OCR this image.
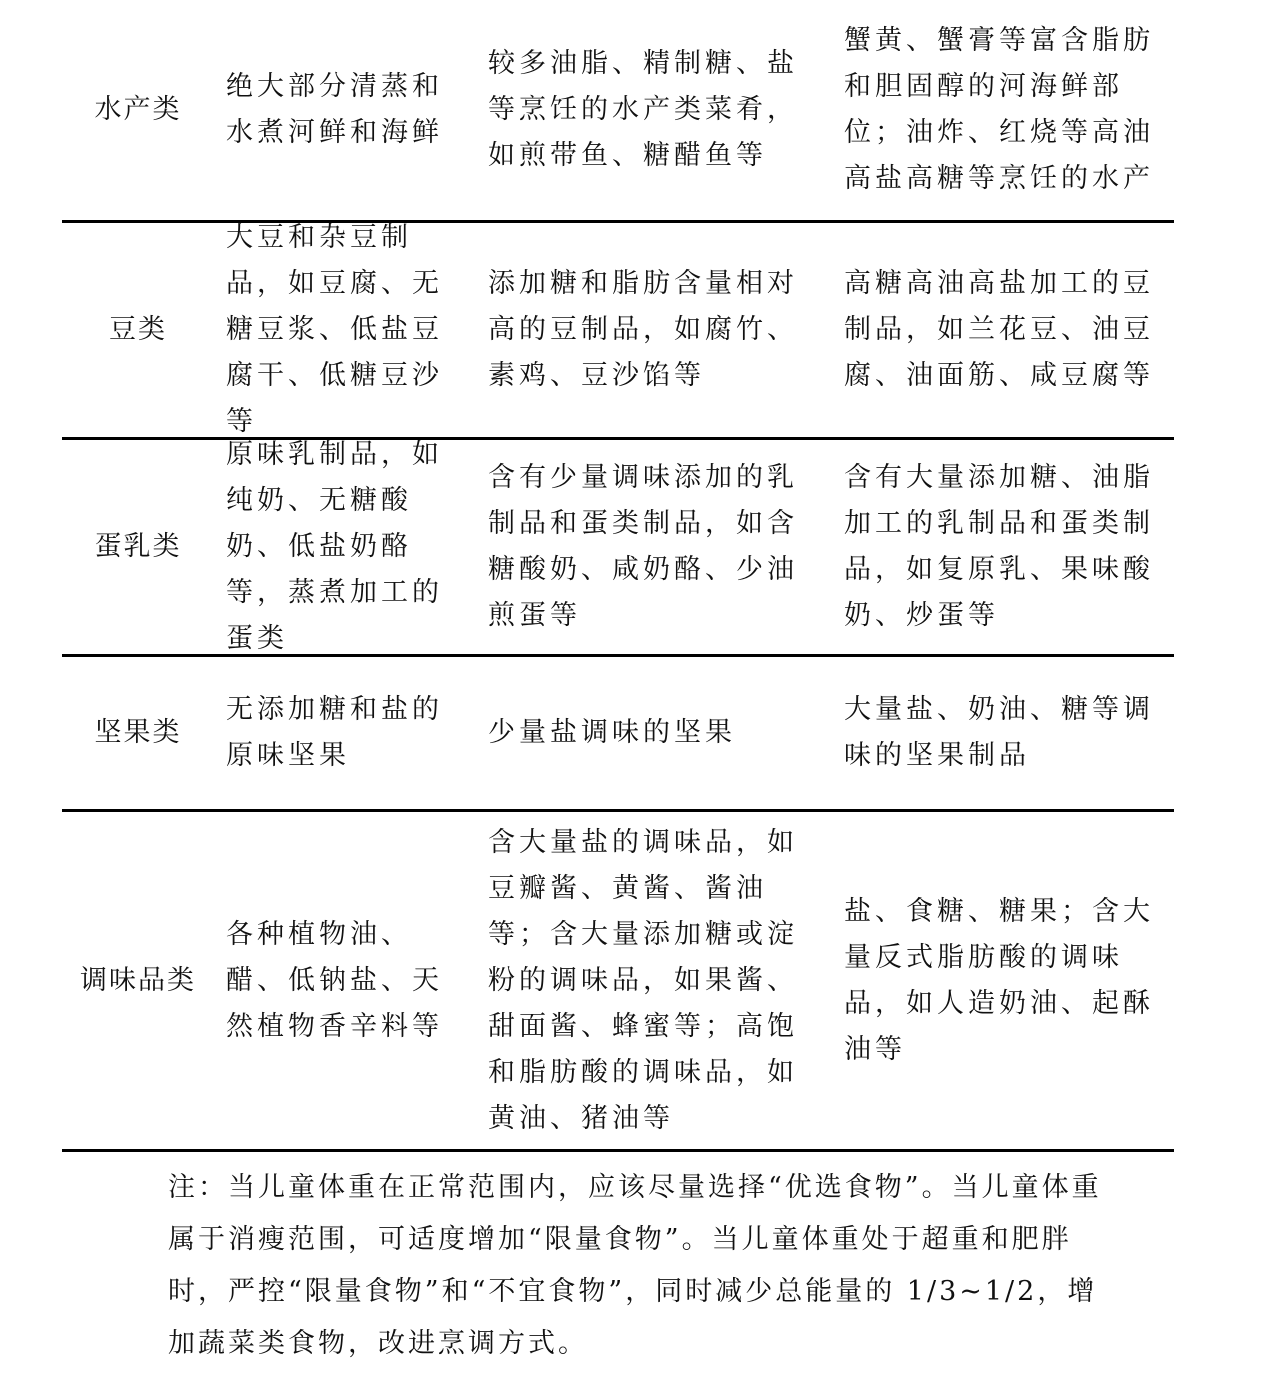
水产类
绝大部分清蒸和水煮河鲜和海鲜
较多油脂、精制糖、盐等烹饪的水产类菜肴，如煎带鱼、糖醋鱼等
蟹黄、蟹膏等富含脂肪和胆固醇的河海鲜部位；油炸、红烧等高油高盐高糖等烹饪的水产
豆类
大豆和杂豆制品，如豆腐、无糖豆浆、低盐豆腐干、低糖豆沙等
添加糖和脂肪含量相对高的豆制品，如腐竹、素鸡、豆沙馅等
高糖高油高盐加工的豆制品，如兰花豆、油豆腐、油面筋、咸豆腐等
蛋乳类
原味乳制品，如纯奶、无糖酸奶、低盐奶酪等，蒸煮加工的蛋类
含有少量调味添加的乳制品和蛋类制品，如含糖酸奶、咸奶酪、少油煎蛋等
含有大量添加糖、油脂加工的乳制品和蛋类制品，如复原乳、果味酸奶、炒蛋等
坚果类
无添加糖和盐的原味坚果
少量盐调味的坚果
大量盐、奶油、糖等调味的坚果制品
调味品类
各种植物油、醋、低钠盐、天然植物香辛料等
含大量盐的调味品，如豆瓣酱、黄酱、酱油等；含大量添加糖或淀粉的调味品，如果酱、甜面酱、蜂蜜等；高饱和脂肪酸的调味品，如黄油、猪油等
盐、食糖、糖果；含大量反式脂肪酸的调味品，如人造奶油、起酥油等
注：当儿童体重在正常范围内，应该尽量选择“优选食物”。当儿童体重属于消瘦范围，可适度增加“限量食物”。当儿童体重处于超重和肥胖时，严控“限量食物”和“不宜食物”，同时减少总能量的 1/3~1/2，增加蔬菜类食物，改进烹调方式。
